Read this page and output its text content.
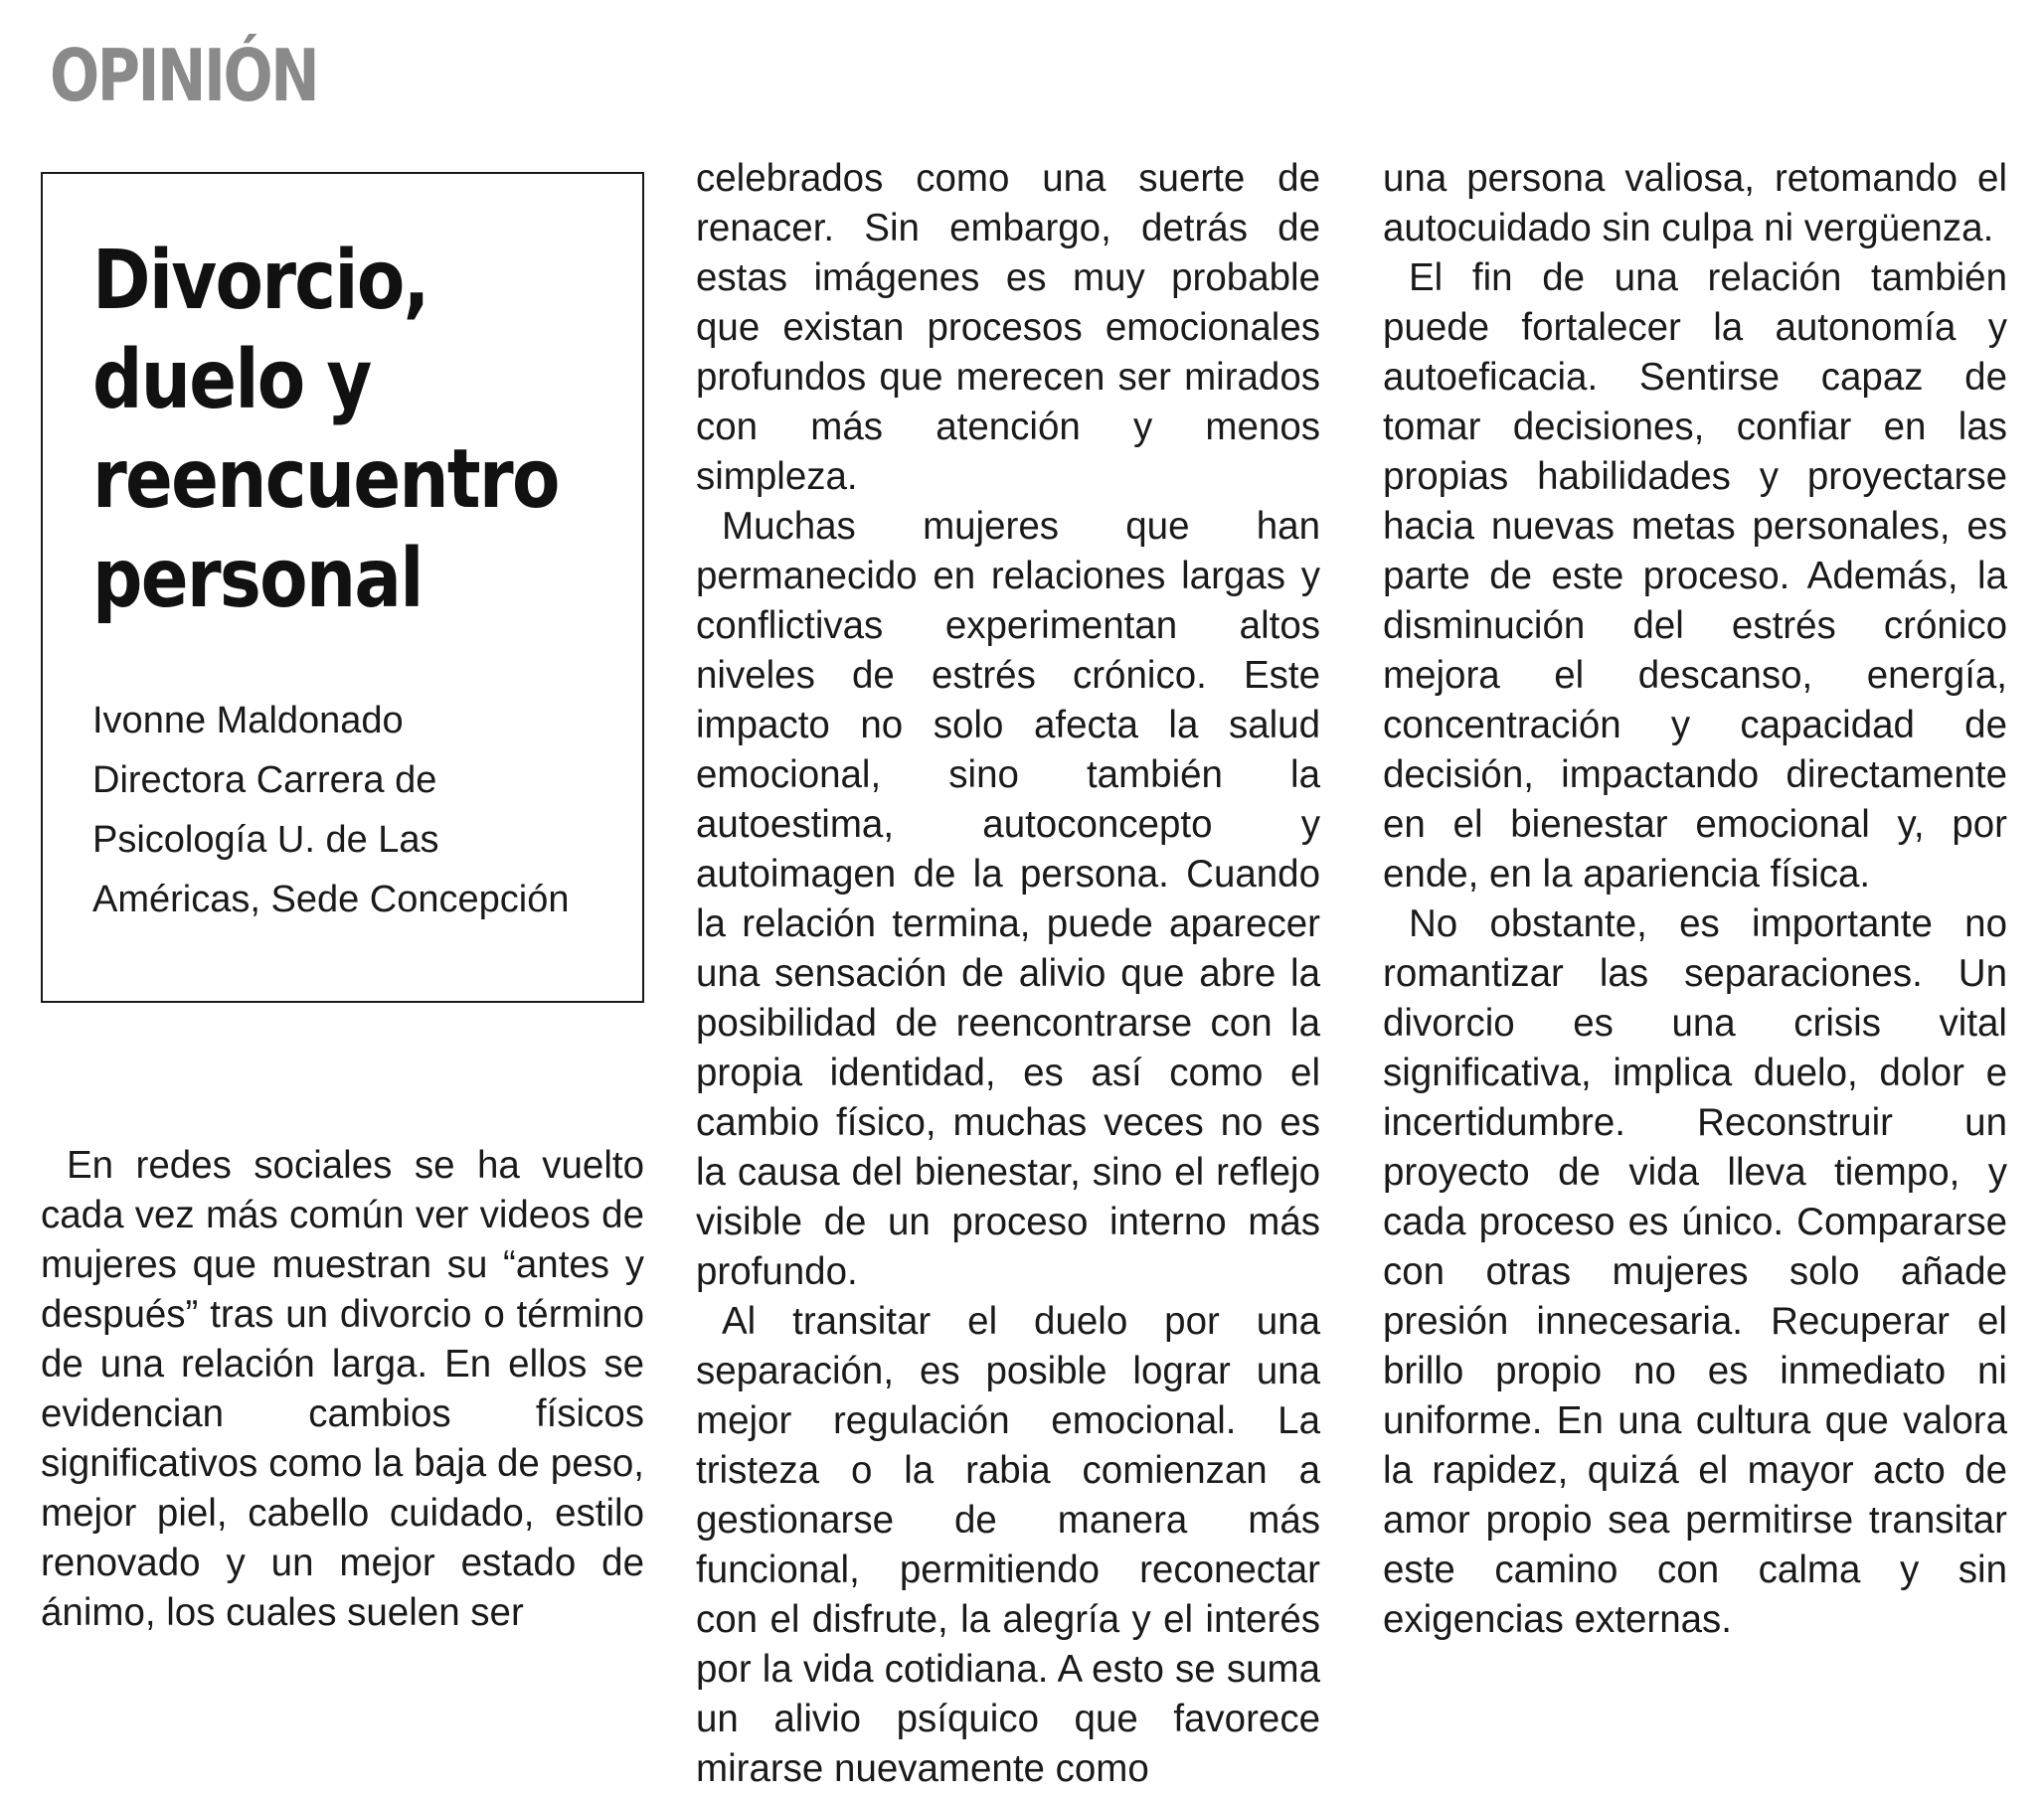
OPINIÓN
Divorcio,
duelo y
reencuentro
personal
Ivonne Maldonado
Directora Carrera de
Psicología U. de Las
Américas, Sede Concepción

En redes sociales se ha vuelto cada vez más común ver videos de mujeres que muestran su “antes y después” tras un divorcio o término de una relación larga. En ellos se evidencian cambios físicos significativos como la baja de peso, mejor piel, cabello cuidado, estilo renovado y un mejor estado de ánimo, los cuales suelen ser

celebrados como una suerte de renacer. Sin embargo, detrás de estas imágenes es muy probable que existan procesos emocionales profundos que merecen ser mirados con más atención y menos simpleza.

Muchas mujeres que han permanecido en relaciones largas y conflictivas experimentan altos niveles de estrés crónico. Este impacto no solo afecta la salud emocional, sino también la autoestima, autoconcepto y autoimagen de la persona. Cuando la relación termina, puede aparecer una sensación de alivio que abre la posibilidad de reencontrarse con la propia identidad, es así como el cambio físico, muchas veces no es la causa del bienestar, sino el reflejo visible de un proceso interno más profundo.

Al transitar el duelo por una separación, es posible lograr una mejor regulación emocional. La tristeza o la rabia comienzan a gestionarse de manera más funcional, permitiendo reconectar con el disfrute, la alegría y el interés por la vida cotidiana. A esto se suma un alivio psíquico que favorece mirarse nuevamente como

una persona valiosa, retomando el autocuidado sin culpa ni vergüenza.

El fin de una relación también puede fortalecer la autonomía y autoeficacia. Sentirse capaz de tomar decisiones, confiar en las propias habilidades y proyectarse hacia nuevas metas personales, es parte de este proceso. Además, la disminución del estrés crónico mejora el descanso, energía, concentración y capacidad de decisión, impactando directamente en el bienestar emocional y, por ende, en la apariencia física.

No obstante, es importante no romantizar las separaciones. Un divorcio es una crisis vital significativa, implica duelo, dolor e incertidumbre. Reconstruir un proyecto de vida lleva tiempo, y cada proceso es único. Compararse con otras mujeres solo añade presión innecesaria. Recuperar el brillo propio no es inmediato ni uniforme. En una cultura que valora la rapidez, quizá el mayor acto de amor propio sea permitirse transitar este camino con calma y sin exigencias externas.
